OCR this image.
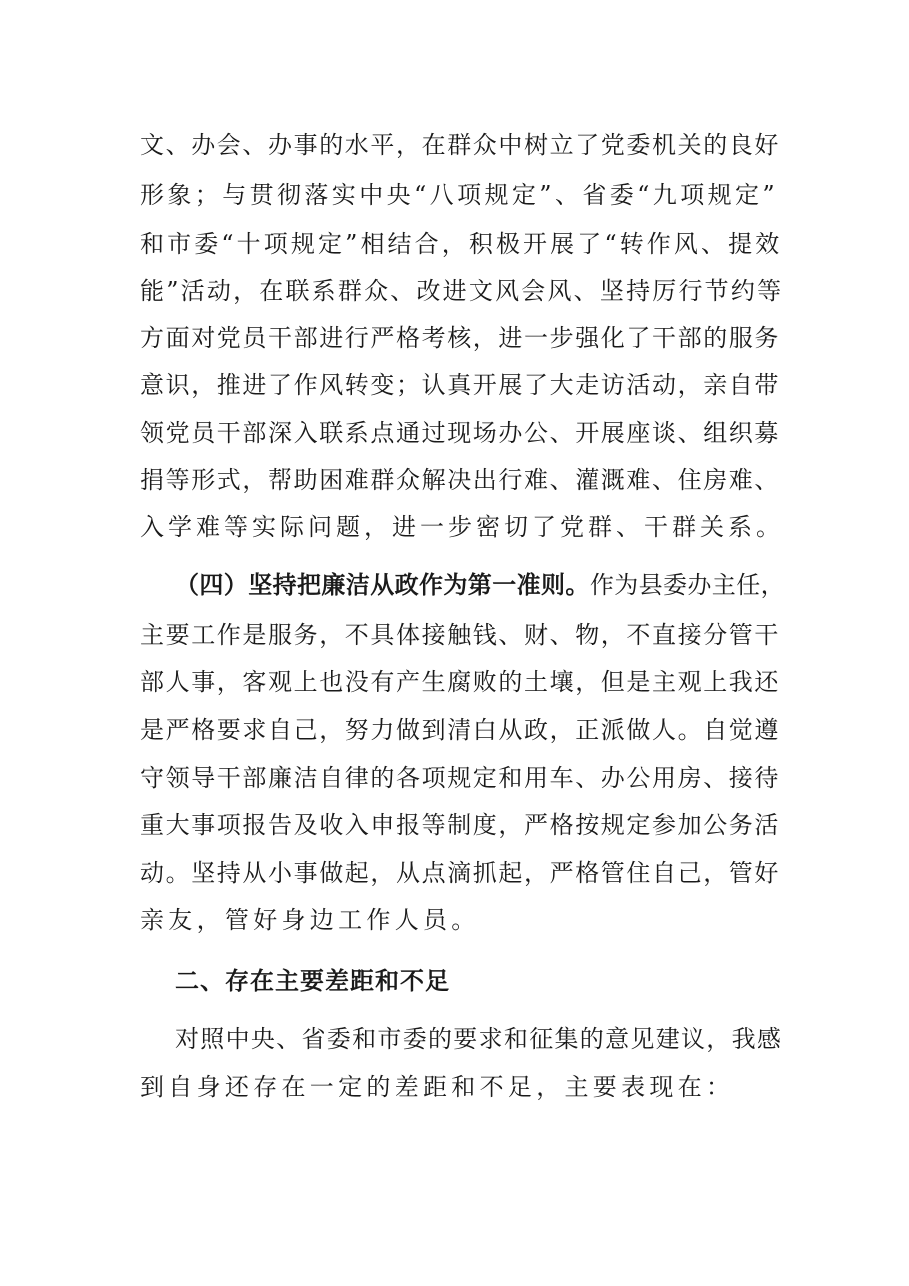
文、办会、办事的水平，在群众中树立了党委机关的良好
形象；与贯彻落实中央“八项规定”、省委“九项规定”
和市委“十项规定”相结合，积极开展了“转作风、提效
能”活动，在联系群众、改进文风会风、坚持厉行节约等
方面对党员干部进行严格考核，进一步强化了干部的服务
意识，推进了作风转变；认真开展了大走访活动，亲自带
领党员干部深入联系点通过现场办公、开展座谈、组织募
捐等形式，帮助困难群众解决出行难、灌溉难、住房难、
入学难等实际问题，进一步密切了党群、干群关系。
（四）坚持把廉洁从政作为第一准则。作为县委办主任，
主要工作是服务，不具体接触钱、财、物，不直接分管干
部人事，客观上也没有产生腐败的土壤，但是主观上我还
是严格要求自己，努力做到清白从政，正派做人。自觉遵
守领导干部廉洁自律的各项规定和用车、办公用房、接待
重大事项报告及收入申报等制度，严格按规定参加公务活
动。坚持从小事做起，从点滴抓起，严格管住自己，管好
亲友，管好身边工作人员。
二、存在主要差距和不足
对照中央、省委和市委的要求和征集的意见建议，我感
到自身还存在一定的差距和不足，主要表现在：
